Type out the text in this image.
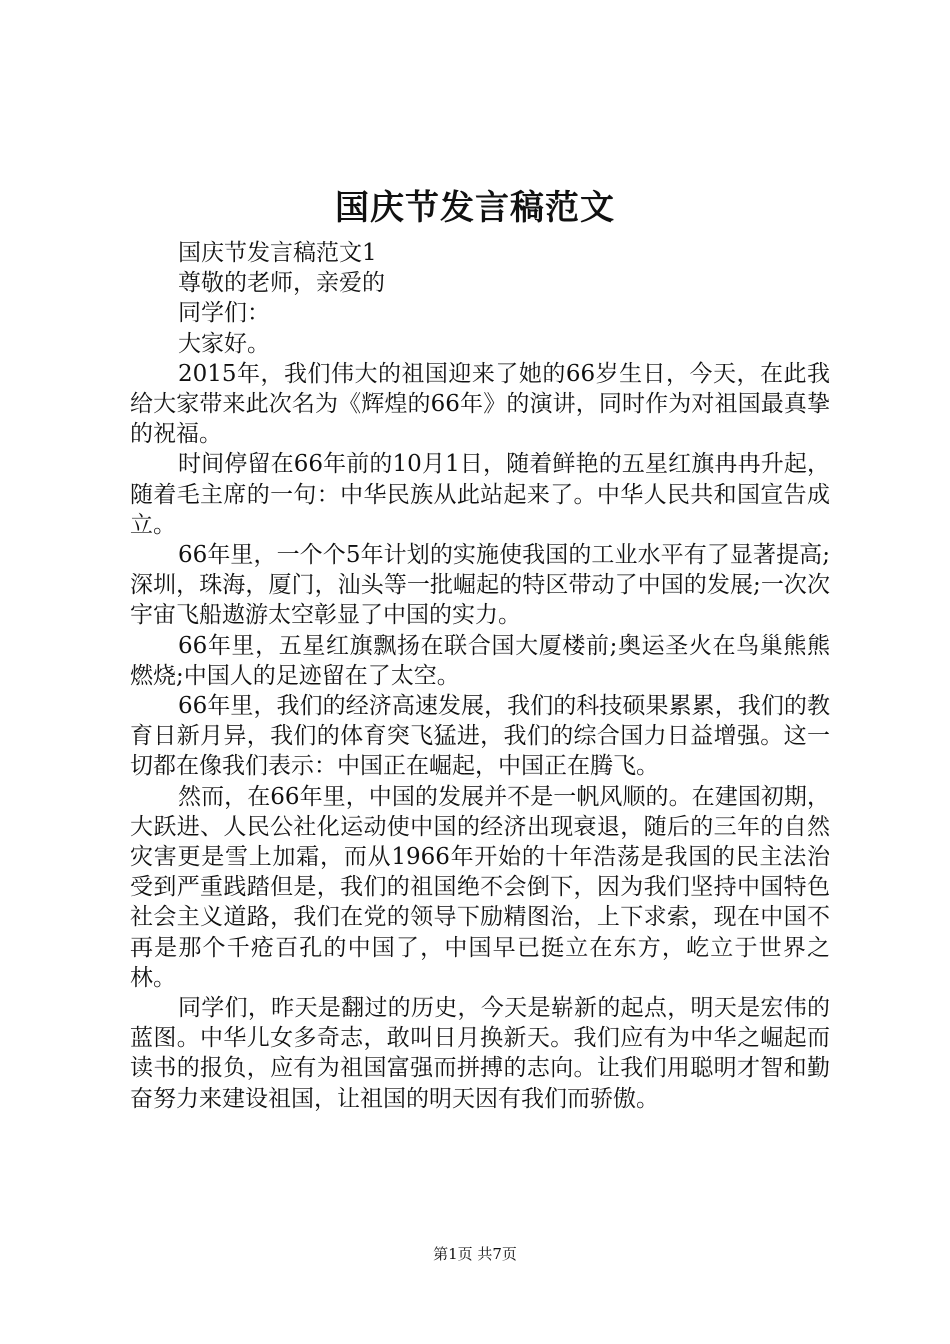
国庆节发言稿范文

国庆节发言稿范文1

尊敬的老师，亲爱的

同学们：

大家好。

2015年，我们伟大的祖国迎来了她的66岁生日，今天，在此我给大家带来此次名为《辉煌的66年》的演讲，同时作为对祖国最真挚的祝福。

时间停留在66年前的10月1日，随着鲜艳的五星红旗冉冉升起，随着毛主席的一句：中华民族从此站起来了。中华人民共和国宣告成立。

66年里，一个个5年计划的实施使我国的工业水平有了显著提高;深圳，珠海，厦门，汕头等一批崛起的特区带动了中国的发展;一次次宇宙飞船遨游太空彰显了中国的实力。

66年里，五星红旗飘扬在联合国大厦楼前;奥运圣火在鸟巢熊熊燃烧;中国人的足迹留在了太空。

66年里，我们的经济高速发展，我们的科技硕果累累，我们的教育日新月异，我们的体育突飞猛进，我们的综合国力日益增强。这一切都在像我们表示：中国正在崛起，中国正在腾飞。

然而，在66年里，中国的发展并不是一帆风顺的。在建国初期，大跃进、人民公社化运动使中国的经济出现衰退，随后的三年的自然灾害更是雪上加霜，而从1966年开始的十年浩荡是我国的民主法治受到严重践踏但是，我们的祖国绝不会倒下，因为我们坚持中国特色社会主义道路，我们在党的领导下励精图治，上下求索，现在中国不再是那个千疮百孔的中国了，中国早已挺立在东方，屹立于世界之林。

同学们，昨天是翻过的历史，今天是崭新的起点，明天是宏伟的蓝图。中华儿女多奇志，敢叫日月换新天。我们应有为中华之崛起而读书的报负，应有为祖国富强而拼搏的志向。让我们用聪明才智和勤奋努力来建设祖国，让祖国的明天因有我们而骄傲。

第1页 共7页
